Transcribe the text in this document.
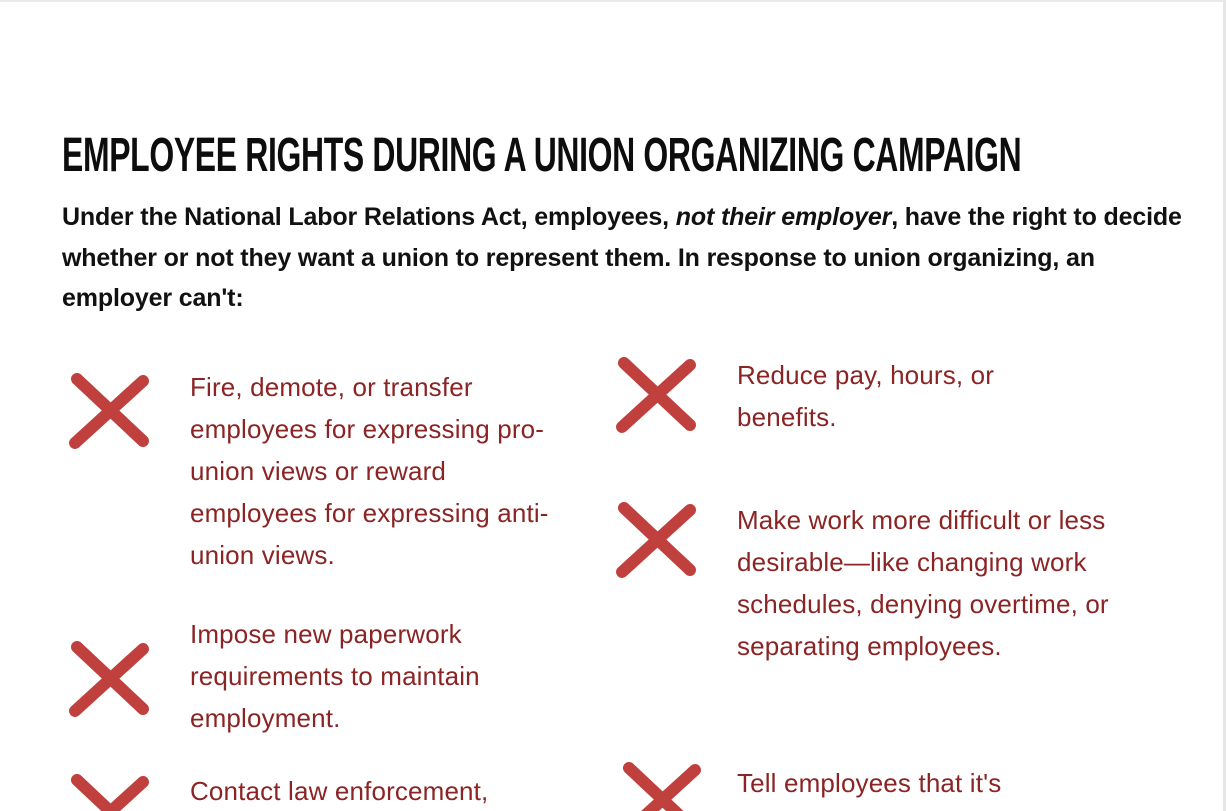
EMPLOYEE RIGHTS DURING A UNION ORGANIZING CAMPAIGN

Under the National Labor Relations Act, employees, not their employer, have the right to decide whether or not they want a union to represent them. In response to union organizing, an employer can't:

Fire, demote, or transfer employees for expressing pro-union views or reward employees for expressing anti-union views.

Impose new paperwork requirements to maintain employment.

Contact law enforcement,

Reduce pay, hours, or benefits.

Make work more difficult or less desirable—like changing work schedules, denying overtime, or separating employees.

Tell employees that it's
